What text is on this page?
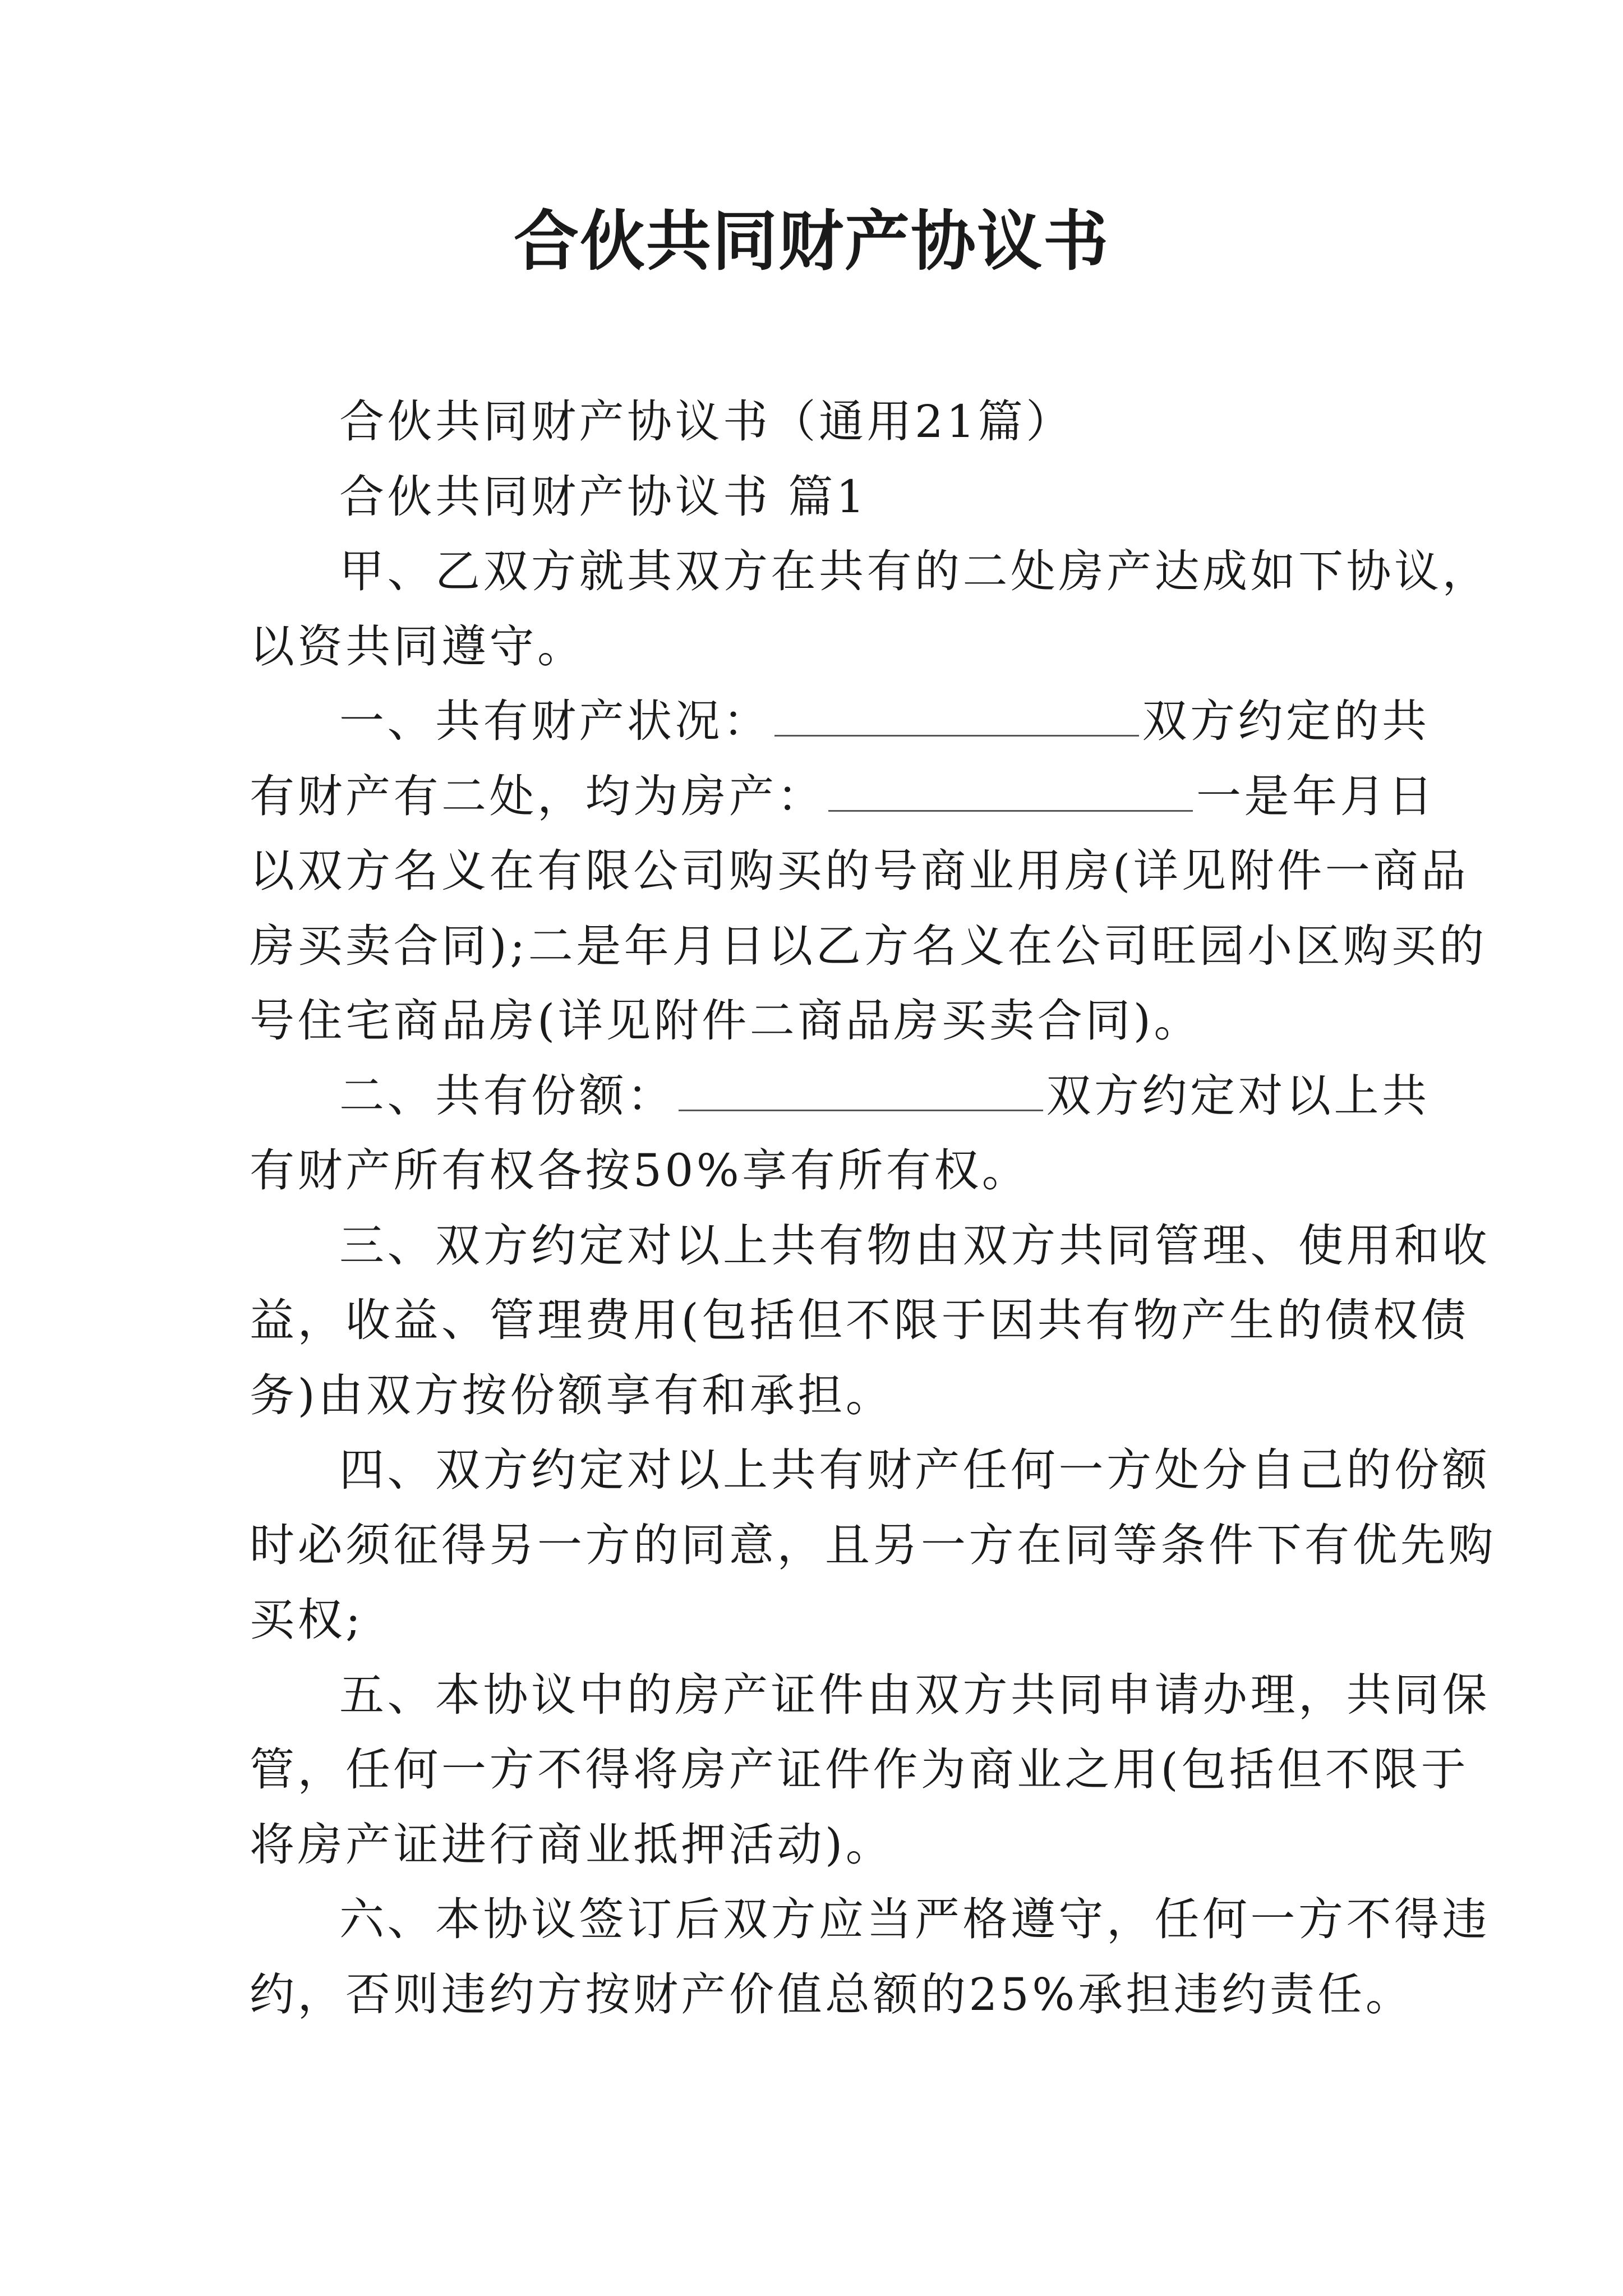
合伙共同财产协议书
合伙共同财产协议书（通用21篇）
合伙共同财产协议书 篇1
甲、乙双方就其双方在共有的二处房产达成如下协议，
以资共同遵守。
一、共有财产状况：	双方约定的共
有财产有二处，均为房产：	一是年月日
以双方名义在有限公司购买的号商业用房(详见附件一商品
房买卖合同);二是年月日以乙方名义在公司旺园小区购买的
号住宅商品房(详见附件二商品房买卖合同)。
二、共有份额：	双方约定对以上共
有财产所有权各按50%享有所有权。
三、双方约定对以上共有物由双方共同管理、使用和收
益，收益、管理费用(包括但不限于因共有物产生的债权债
务)由双方按份额享有和承担。
四、双方约定对以上共有财产任何一方处分自己的份额
时必须征得另一方的同意，且另一方在同等条件下有优先购
买权;
五、本协议中的房产证件由双方共同申请办理，共同保
管，任何一方不得将房产证件作为商业之用(包括但不限于
将房产证进行商业抵押活动)。
六、本协议签订后双方应当严格遵守，任何一方不得违
约，否则违约方按财产价值总额的25%承担违约责任。
